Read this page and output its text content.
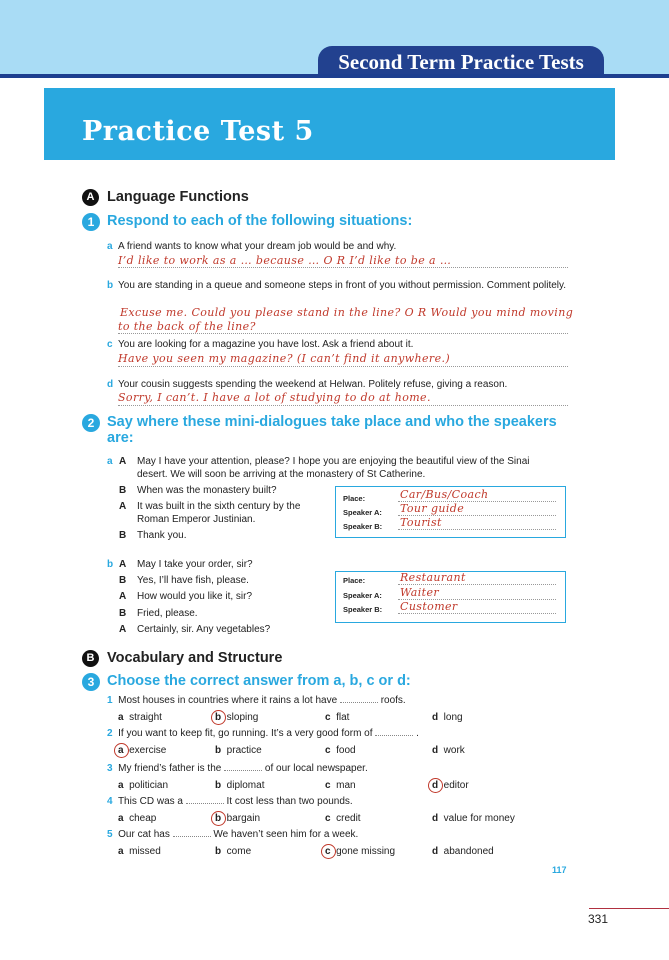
Second Term Practice Tests
Practice Test 5
A Language Functions
1 Respond to each of the following situations:
a A friend wants to know what your dream job would be and why.
I’d like to work as a … because … O R I’d like to be a …
b You are standing in a queue and someone steps in front of you without permission. Comment politely.
Excuse me. Could you please stand in the line? O R Would you mind moving
to the back of the line?
c You are looking for a magazine you have lost. Ask a friend about it.
Have you seen my magazine? (I can’t find it anywhere.)
d Your cousin suggests spending the weekend at Helwan. Politely refuse, giving a reason.
Sorry, I can’t. I have a lot of studying to do at home.
2 Say where these mini-dialogues take place and who the speakers are:
a A May I have your attention, please? I hope you are enjoying the beautiful view of the Sinai desert. We will soon be arriving at the monastery of St Catherine.
B When was the monastery built?
A It was built in the sixth century by the Roman Emperor Justinian.
B Thank you.
Place:	Car/Bus/Coach
Speaker A: Tour guide
Speaker B: Tourist
b A May I take your order, sir?
B Yes, I’ll have fish, please.
A How would you like it, sir?
B Fried, please.
A Certainly, sir. Any vegetables?
Place:	Restaurant
Speaker A: Waiter
Speaker B: Customer
B Vocabulary and Structure
3 Choose the correct answer from a, b, c or d:
1 Most houses in countries where it rains a lot have	roofs.
a straight	b sloping	c flat	d long
2 If you want to keep fit, go running. It’s a very good form of	.
a exercise	b practice	c food	d work
3 My friend’s father is the	of our local newspaper.
a politician	b diplomat	c man	d editor
4 This CD was a	It cost less than two pounds.
a cheap	b bargain	c credit	d value for money
5 Our cat has	We haven’t seen him for a week.
a missed	b come	c gone missing	d abandoned
117
331
